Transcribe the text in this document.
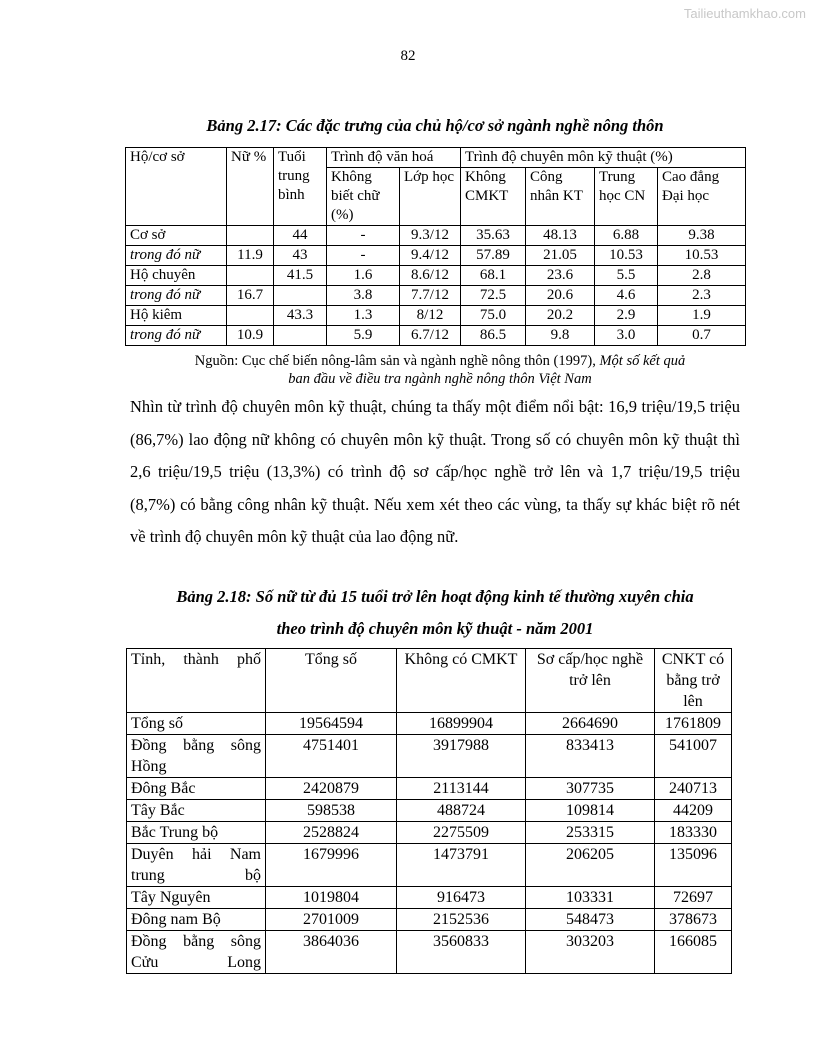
Tailieuthamkhao.com
82
Bảng 2.17: Các đặc trưng của chủ hộ/cơ sở ngành nghề nông thôn
Hộ/cơ sở	Nữ %	Tuổi trung bình	Trình độ văn hoá		Trình độ chuyên môn kỹ thuật (%)			
			Không biết chữ (%)	Lớp học	Không CMKT	Công nhân KT	Trung học CN	Cao đẳng Đại học
Cơ sở		44	-	9.3/12	35.63	48.13	6.88	9.38
trong đó nữ	11.9	43	-	9.4/12	57.89	21.05	10.53	10.53
Hộ chuyên		41.5	1.6	8.6/12	68.1	23.6	5.5	2.8
trong đó nữ	16.7		3.8	7.7/12	72.5	20.6	4.6	2.3
Hộ kiêm		43.3	1.3	8/12	75.0	20.2	2.9	1.9
trong đó nữ	10.9		5.9	6.7/12	86.5	9.8	3.0	0.7
Nguồn: Cục chế biến nông-lâm sản và ngành nghề nông thôn (1997), Một số kết quả
ban đầu về điều tra ngành nghề nông thôn Việt Nam
Nhìn từ trình độ chuyên môn kỹ thuật, chúng ta thấy một điểm nổi bật: 16,9 triệu/19,5 triệu (86,7%) lao động nữ không có chuyên môn kỹ thuật. Trong số có chuyên môn kỹ thuật thì 2,6 triệu/19,5 triệu (13,3%) có trình độ sơ cấp/học nghề trở lên và 1,7 triệu/19,5 triệu (8,7%) có bằng công nhân kỹ thuật. Nếu xem xét theo các vùng, ta thấy sự khác biệt rõ nét về trình độ chuyên môn kỹ thuật của lao động nữ.
Bảng 2.18: Số nữ từ đủ 15 tuổi trở lên hoạt động kinh tế thường xuyên chia
theo trình độ chuyên môn kỹ thuật - năm 2001
Tỉnh, thành phố	Tổng số	Không có CMKT	Sơ cấp/học nghề trở lên	CNKT có bằng trở lên
Tổng số	19564594	16899904	2664690	1761809
Đồng bằng sông Hồng	4751401	3917988	833413	541007
Đông Bắc	2420879	2113144	307735	240713
Tây Bắc	598538	488724	109814	44209
Bắc Trung bộ	2528824	2275509	253315	183330
Duyên hải Nam trung bộ	1679996	1473791	206205	135096
Tây Nguyên	1019804	916473	103331	72697
Đông nam Bộ	2701009	2152536	548473	378673
Đồng bằng sông Cửu Long	3864036	3560833	303203	166085
